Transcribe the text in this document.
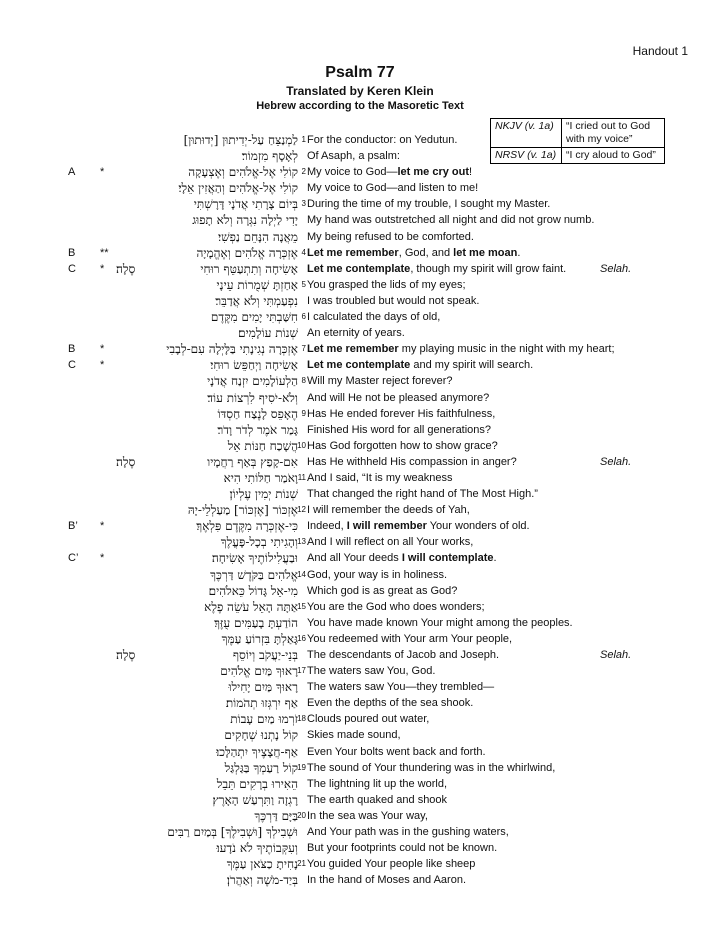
Handout 1
Psalm 77
Translated by Keren Klein
Hebrew according to the Masoretic Text
NKJV (v. 1a)	“I cried out to God with my voice”
NRSV (v. 1a)	“I cry aloud to God”
לַמְנַצֵּחַ עַל-יְדִיתוּן [יְדוּתוּן] 1 For the conductor: on Yedutun.
לְאָסָף מִזְמוֹר׃ Of Asaph, a psalm:
A	*	קוֹלִי אֶל-אֱלֹהִים וְאֶצְעָקָה 2 My voice to God—let me cry out!
קוֹלִי אֶל-אֱלֹהִים וְהַאֲזִין אֵלָי׃ My voice to God—and listen to me!
בְּיוֹם צָרָתִי אֲדֹנָי דָּרָשְׁתִּי 3 During the time of my trouble, I sought my Master.
יָדִי לַיְלָה נִגְּרָה וְלֹא תָפוּג My hand was outstretched all night and did not grow numb.
מֵאֲנָה הִנָּחֵם נַפְשִׁי׃ My being refused to be comforted.
B	**	אֶזְכְּרָה אֱלֹהִים וְאֶהֱמָיָה 4 Let me remember, God, and let me moan.
C	* סֶלָה׃	אָשִׂיחָה וְתִתְעַטֵּף רוּחִי Let me contemplate, though my spirit will grow faint.	Selah.
אָחַזְתָּ שְׁמֻרוֹת עֵינָי 5 You grasped the lids of my eyes;
נִפְעַמְתִּי וְלֹא אֲדַבֵּר׃ I was troubled but would not speak.
חִשַּׁבְתִּי יָמִים מִקֶּדֶם 6 I calculated the days of old,
שְׁנוֹת עוֹלָמִים׃ An eternity of years.
B	*	אֶזְכְּרָה נְגִינָתִי בַּלָּיְלָה עִם-לְבָבִי 7 Let me remember my playing music in the night with my heart;
C	*	אָשִׂיחָה וַיְחַפֵּשׂ רוּחִי׃ Let me contemplate and my spirit will search.
הַלְעוֹלָמִים יִזְנַח אֲדֹנָי 8 Will my Master reject forever?
וְלֹא-יֹסִיף לִרְצוֹת עוֹד׃ And will He not be pleased anymore?
הֶאָפֵס לָנֶצַח חַסְדּוֹ 9 Has He ended forever His faithfulness,
גָּמַר אֹמֶר לְדֹר וָדֹר׃ Finished His word for all generations?
הֲשָׁכַח חַנּוֹת אֵל 10 Has God forgotten how to show grace?
סֶלָה׃	אִם-קָפַץ בְּאַף רַחֲמָיו Has He withheld His compassion in anger?	Selah.
וָאֹמַר חַלּוֹתִי הִיא 11 And I said, “It is my weakness
שְׁנוֹת יְמִין עֶלְיוֹן׃ That changed the right hand of The Most High.”
אֶזְכּוֹר [אֶזְכּוֹר] מַעַלְלֵי-יָהּ 12 I will remember the deeds of Yah,
B’	*	כִּי-אֶזְכְּרָה מִקֶּדֶם פִּלְאֶךָ׃ Indeed, I will remember Your wonders of old.
וְהָגִיתִי בְכָל-פָּעֳלֶךָ 13 And I will reflect on all Your works,
C’	*	וּבַעֲלִילוֹתֶיךָ אָשִׂיחָה׃ And all Your deeds I will contemplate.
אֱלֹהִים בַּקֹּדֶשׁ דַּרְכֶּךָ 14 God, your way is in holiness.
מִי-אֵל גָּדוֹל כֵּאלֹהִים׃ Which god is as great as God?
אַתָּה הָאֵל עֹשֵׂה פֶלֶא 15 You are the God who does wonders;
הוֹדַעְתָּ בָעַמִּים עֻזֶּךָ׃ You have made known Your might among the peoples.
גָּאַלְתָּ בִּזְרוֹעַ עַמֶּךָ 16 You redeemed with Your arm Your people,
סֶלָה׃	בְּנֵי-יַעֲקֹב וְיוֹסֵף The descendants of Jacob and Joseph.	Selah.
רָאוּךָ מַּיִם אֱלֹהִים 17 The waters saw You, God.
רָאוּךָ מַּיִם יָחִילוּ The waters saw You—they trembled—
אַף יִרְגְּזוּ תְהֹמוֹת׃ Even the depths of the sea shook.
זֹרְמוּ מַיִם עָבוֹת 18 Clouds poured out water,
קוֹל נָתְנוּ שְׁחָקִים Skies made sound,
אַף-חֲצָצֶיךָ יִתְהַלָּכוּ׃ Even Your bolts went back and forth.
קוֹל רַעַמְךָ בַּגַּלְגַּל 19 The sound of Your thundering was in the whirlwind,
הֵאִירוּ בְרָקִים תֵּבֵל The lightning lit up the world,
רָגְזָה וַתִּרְעַשׁ הָאָרֶץ׃ The earth quaked and shook
בַּיָּם דַּרְכֶּךָ 20 In the sea was Your way,
וּשְׁבִילְךָ [וּשְׁבִילֶךָ] בְּמַיִם רַבִּים And Your path was in the gushing waters,
וְעִקְּבוֹתֶיךָ לֹא נֹדָעוּ׃ But your footprints could not be known.
נָחִיתָ כַצֹּאן עַמֶּךָ 21 You guided Your people like sheep
בְּיַד-מֹשֶׁה וְאַהֲרֹן׃ In the hand of Moses and Aaron.
